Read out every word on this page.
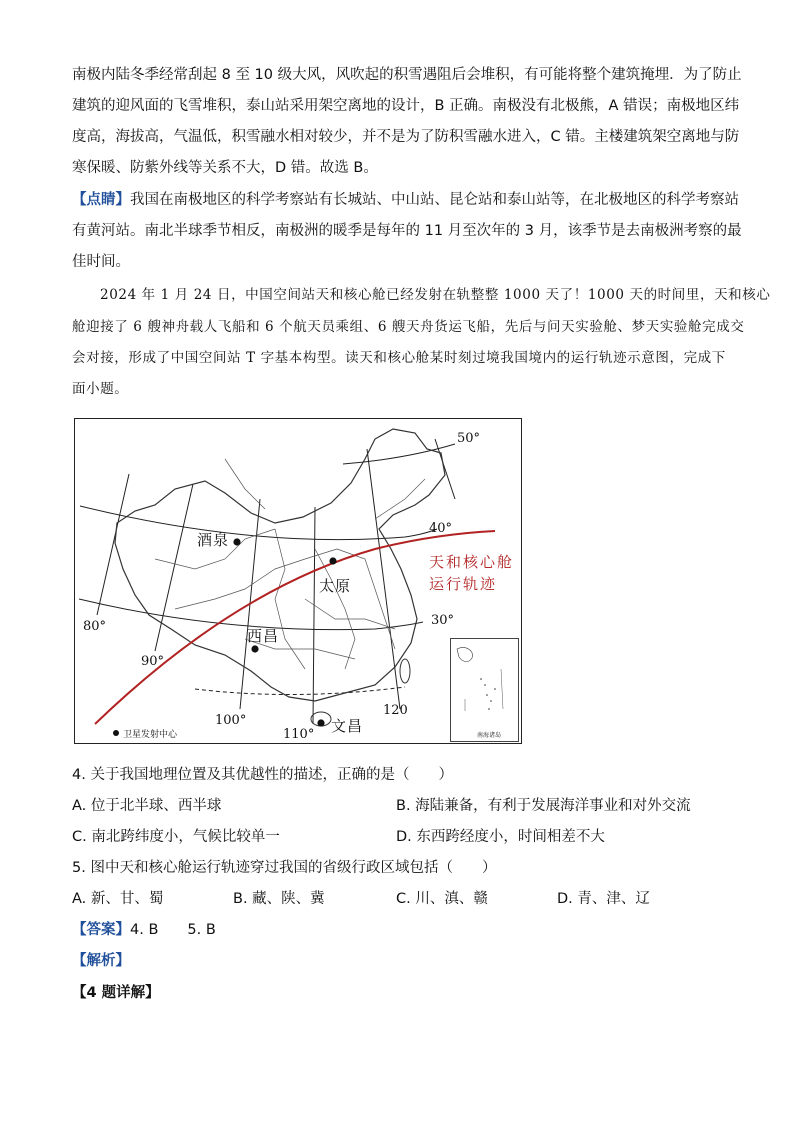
南极内陆冬季经常刮起 8 至 10 级大风，风吹起的积雪遇阻后会堆积，有可能将整个建筑掩埋．为了防止
建筑的迎风面的飞雪堆积，泰山站采用架空离地的设计，B 正确。南极没有北极熊，A 错误；南极地区纬
度高，海拔高，气温低，积雪融水相对较少，并不是为了防积雪融水进入，C 错。主楼建筑架空离地与防
寒保暖、防紫外线等关系不大，D 错。故选 B。
【点睛】我国在南极地区的科学考察站有长城站、中山站、昆仑站和泰山站等，在北极地区的科学考察站
有黄河站。南北半球季节相反，南极洲的暖季是每年的 11 月至次年的 3 月，该季节是去南极洲考察的最
佳时间。
2024 年 1 月 24 日，中国空间站天和核心舱已经发射在轨整整 1000 天了！1000 天的时间里，天和核心
舱迎接了 6 艘神舟载人飞船和 6 个航天员乘组、6 艘天舟货运飞船，先后与问天实验舱、梦天实验舱完成交
会对接，形成了中国空间站 T 字基本构型。读天和核心舱某时刻过境我国境内的运行轨迹示意图，完成下
面小题。
酒泉
太原
西昌
文昌
50°
40°
30°
80°
90°
100°
110°
120
天和核心舱
运行轨迹
卫星发射中心	南海诸岛
4. 关于我国地理位置及其优越性的描述，正确的是（　　）
A. 位于北半球、西半球	B. 海陆兼备，有利于发展海洋事业和对外交流
C. 南北跨纬度小，气候比较单一	D. 东西跨经度小，时间相差不大
5. 图中天和核心舱运行轨迹穿过我国的省级行政区域包括（　　）
A. 新、甘、蜀	B. 藏、陕、冀	C. 川、滇、赣	D. 青、津、辽
【答案】4. B　　5. B
【解析】
【4 题详解】
